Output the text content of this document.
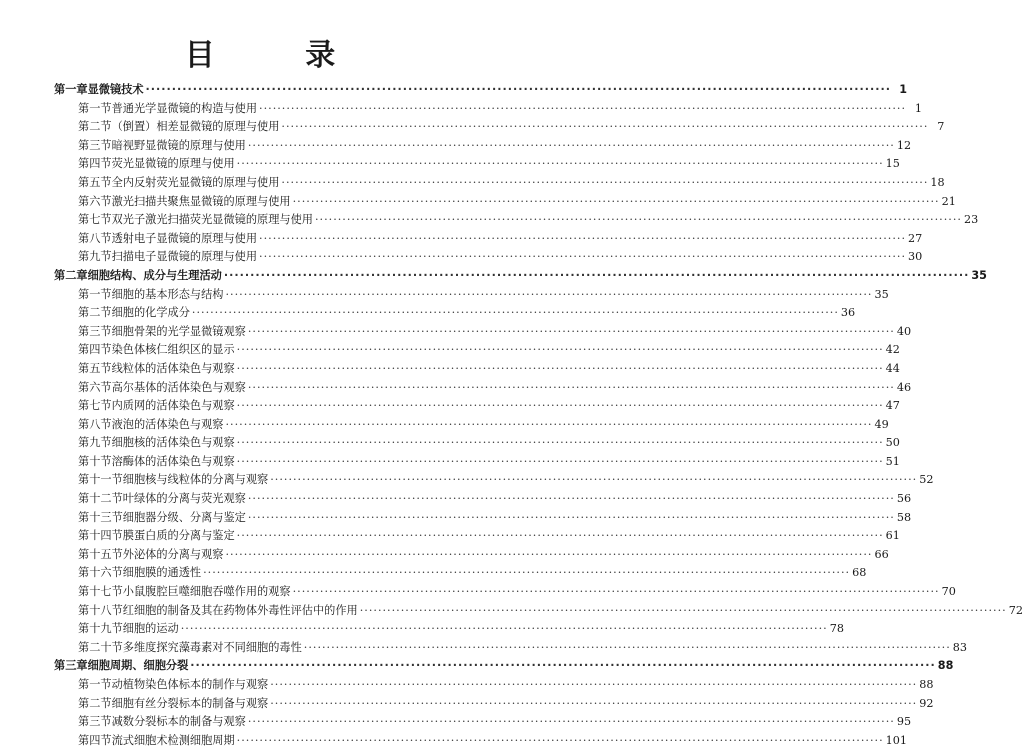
目 录
第一章 显微镜技术 ·····	1
第一节 普通光学显微镜的构造与使用 ·····	1
第二节 （倒置）相差显微镜的原理与使用 ·····	7
第三节 暗视野显微镜的原理与使用 ·····	12
第四节 荧光显微镜的原理与使用 ·····	15
第五节 全内反射荧光显微镜的原理与使用 ·····	18
第六节 激光扫描共聚焦显微镜的原理与使用 ·····	21
第七节 双光子激光扫描荧光显微镜的原理与使用 ·····	23
第八节 透射电子显微镜的原理与使用 ·····	27
第九节 扫描电子显微镜的原理与使用 ·····	30
第二章 细胞结构、成分与生理活动 ·····	35
第一节 细胞的基本形态与结构 ·····	35
第二节 细胞的化学成分 ·····	36
第三节 细胞骨架的光学显微镜观察 ·····	40
第四节 染色体核仁组织区的显示 ·····	42
第五节 线粒体的活体染色与观察 ·····	44
第六节 高尔基体的活体染色与观察 ·····	46
第七节 内质网的活体染色与观察 ·····	47
第八节 液泡的活体染色与观察 ·····	49
第九节 细胞核的活体染色与观察 ·····	50
第十节 溶酶体的活体染色与观察 ·····	51
第十一节 细胞核与线粒体的分离与观察 ·····	52
第十二节 叶绿体的分离与荧光观察 ·····	56
第十三节 细胞器分级、分离与鉴定 ·····	58
第十四节 膜蛋白质的分离与鉴定 ·····	61
第十五节 外泌体的分离与观察 ·····	66
第十六节 细胞膜的通透性 ·····	68
第十七节 小鼠腹腔巨噬细胞吞噬作用的观察 ·····	70
第十八节 红细胞的制备及其在药物体外毒性评估中的作用 ·····	72
第十九节 细胞的运动 ·····	78
第二十节 多维度探究藻毒素对不同细胞的毒性 ·····	83
第三章 细胞周期、细胞分裂 ·····	88
第一节 动植物染色体标本的制作与观察 ·····	88
第二节 细胞有丝分裂标本的制备与观察 ·····	92
第三节 减数分裂标本的制备与观察 ·····	95
第四节 流式细胞术检测细胞周期 ·····	101
